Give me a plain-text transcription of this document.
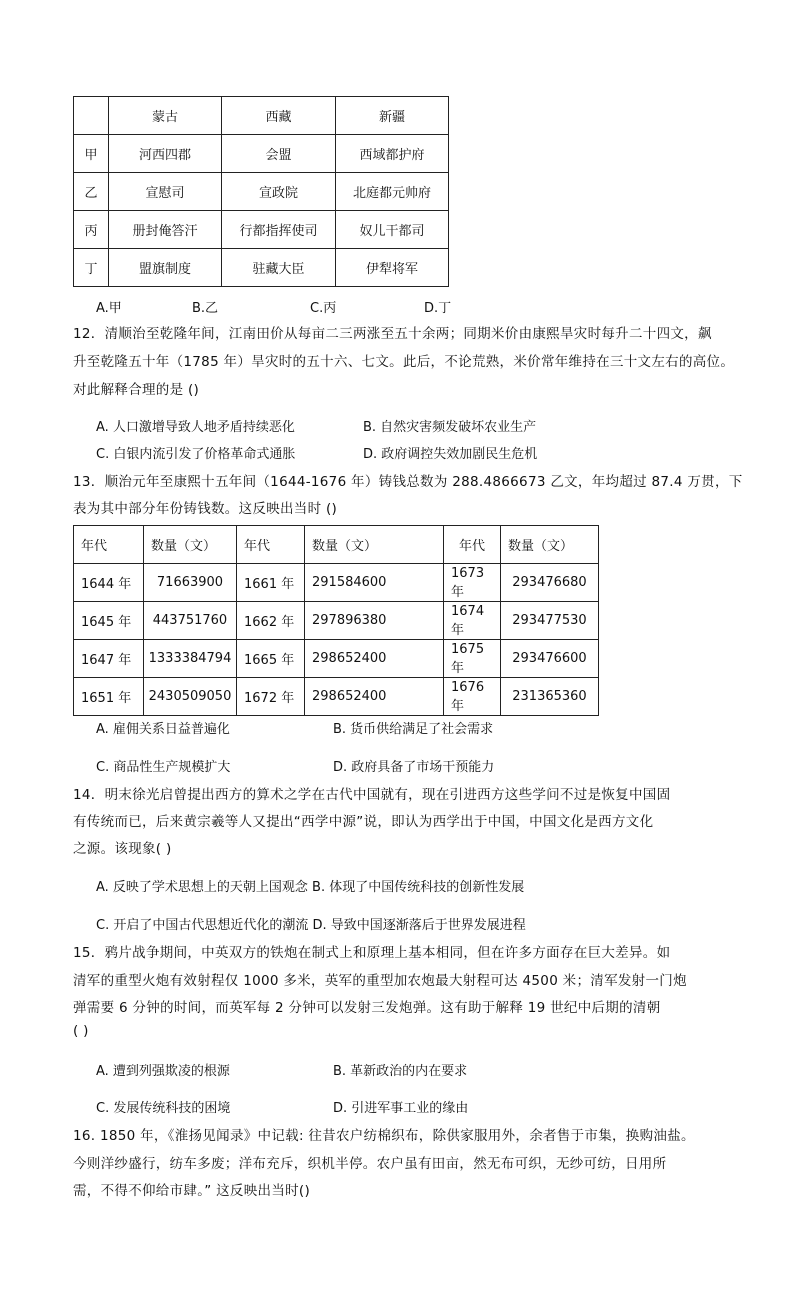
	蒙古	西藏	新疆
甲	河西四郡	会盟	西域都护府
乙	宣慰司	宣政院	北庭都元帅府
丙	册封俺答汗	行都指挥使司	奴儿干都司
丁	盟旗制度	驻藏大臣	伊犁将军
A.甲	B.乙	C.丙	D.丁
12．清顺治至乾隆年间，江南田价从每亩二三两涨至五十余两；同期米价由康熙旱灾时每升二十四文，飙
升至乾隆五十年（1785 年）旱灾时的五十六、七文。此后，不论荒熟，米价常年维持在三十文左右的高位。
对此解释合理的是 ()
A. 人口激增导致人地矛盾持续恶化	B. 自然灾害频发破坏农业生产
C. 白银内流引发了价格革命式通胀	D. 政府调控失效加剧民生危机
13．顺治元年至康熙十五年间（1644-1676 年）铸钱总数为 288.4866673 乙文，年均超过 87.4 万贯，下
表为其中部分年份铸钱数。这反映出当时 ()
年代	数量（文）	年代	数量（文）	年代	数量（文）
1644 年	71663900	1661 年	291584600	1673 年	293476680
1645 年	443751760	1662 年	297896380	1674 年	293477530
1647 年	1333384794	1665 年	298652400	1675 年	293476600
1651 年	2430509050	1672 年	298652400	1676 年	231365360
A. 雇佣关系日益普遍化	B. 货币供给满足了社会需求
C. 商品性生产规模扩大	D. 政府具备了市场干预能力
14．明末徐光启曾提出西方的算术之学在古代中国就有，现在引进西方这些学问不过是恢复中国固
有传统而已，后来黄宗羲等人又提出“西学中源”说，即认为西学出于中国，中国文化是西方文化
之源。该现象( )
A. 反映了学术思想上的天朝上国观念 B. 体现了中国传统科技的创新性发展
C. 开启了中国古代思想近代化的潮流 D. 导致中国逐渐落后于世界发展进程
15．鸦片战争期间，中英双方的铁炮在制式上和原理上基本相同，但在许多方面存在巨大差异。如
清军的重型火炮有效射程仅 1000 多米，英军的重型加农炮最大射程可达 4500 米；清军发射一门炮
弹需要 6 分钟的时间，而英军每 2 分钟可以发射三发炮弹。这有助于解释 19 世纪中后期的清朝
( )
A. 遭到列强欺凌的根源	B. 革新政治的内在要求
C. 发展传统科技的困境	D. 引进军事工业的缘由
16. 1850 年，《淮扬见闻录》中记载: 往昔农户纺棉织布，除供家服用外，余者售于市集，换购油盐。
今则洋纱盛行，纺车多废；洋布充斥，织机半停。农户虽有田亩，然无布可织，无纱可纺，日用所
需，不得不仰给市肆。” 这反映出当时()
